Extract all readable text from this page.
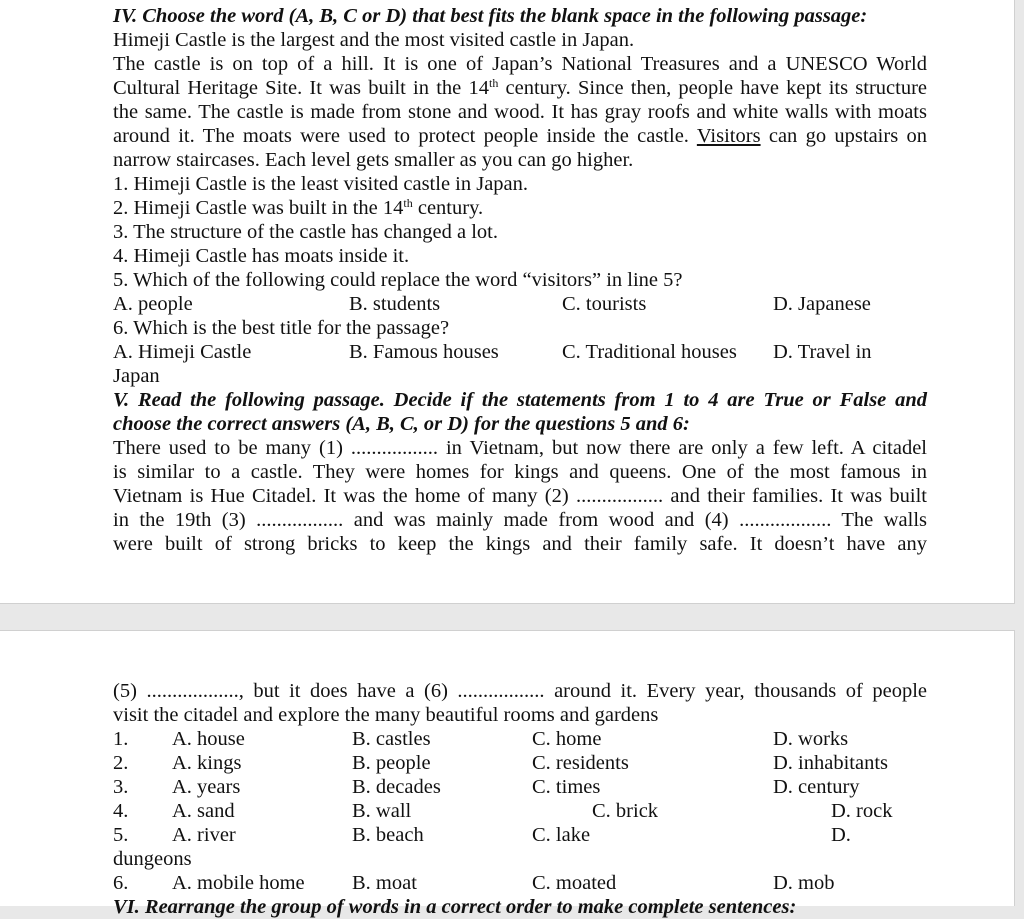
IV. Choose the word (A, B, C or D) that best fits the blank space in the following passage:
Himeji Castle is the largest and the most visited castle in Japan.
The castle is on top of a hill. It is one of Japan’s National Treasures and a UNESCO World
Cultural Heritage Site. It was built in the 14th century. Since then, people have kept its structure
the same. The castle is made from stone and wood. It has gray roofs and white walls with moats
around it. The moats were used to protect people inside the castle. Visitors can go upstairs on
narrow staircases. Each level gets smaller as you can go higher.
1. Himeji Castle is the least visited castle in Japan.
2. Himeji Castle was built in the 14th century.
3. The structure of the castle has changed a lot.
4. Himeji Castle has moats inside it.
5. Which of the following could replace the word “visitors” in line 5?
A. people	B. students	C. tourists	D. Japanese
6. Which is the best title for the passage?
A. Himeji Castle	B. Famous houses	C. Traditional houses D. Travel in
Japan
V. Read the following passage. Decide if the statements from 1 to 4 are True or False and
choose the correct answers (A, B, C, or D) for the questions 5 and 6:
There used to be many (1) ................. in Vietnam, but now there are only a few left. A citadel
is similar to a castle. They were homes for kings and queens. One of the most famous in
Vietnam is Hue Citadel. It was the home of many (2) ................. and their families. It was built
in the 19th (3) ................. and was mainly made from wood and (4) .................. The walls
were built of strong bricks to keep the kings and their family safe. It doesn’t have any
(5) .................., but it does have a (6) ................. around it. Every year, thousands of people
visit the citadel and explore the many beautiful rooms and gardens
1. A. house	B. castles	C. home	D. works
2. A. kings	B. people	C. residents	D. inhabitants
3. A. years	B. decades	C. times	D. century
4. A. sand	B. wall	C. brick	D. rock
5. A. river	B. beach	C. lake	D.
dungeons
6. A. mobile home B. moat	C. moated	D. mob
VI. Rearrange the group of words in a correct order to make complete sentences:
